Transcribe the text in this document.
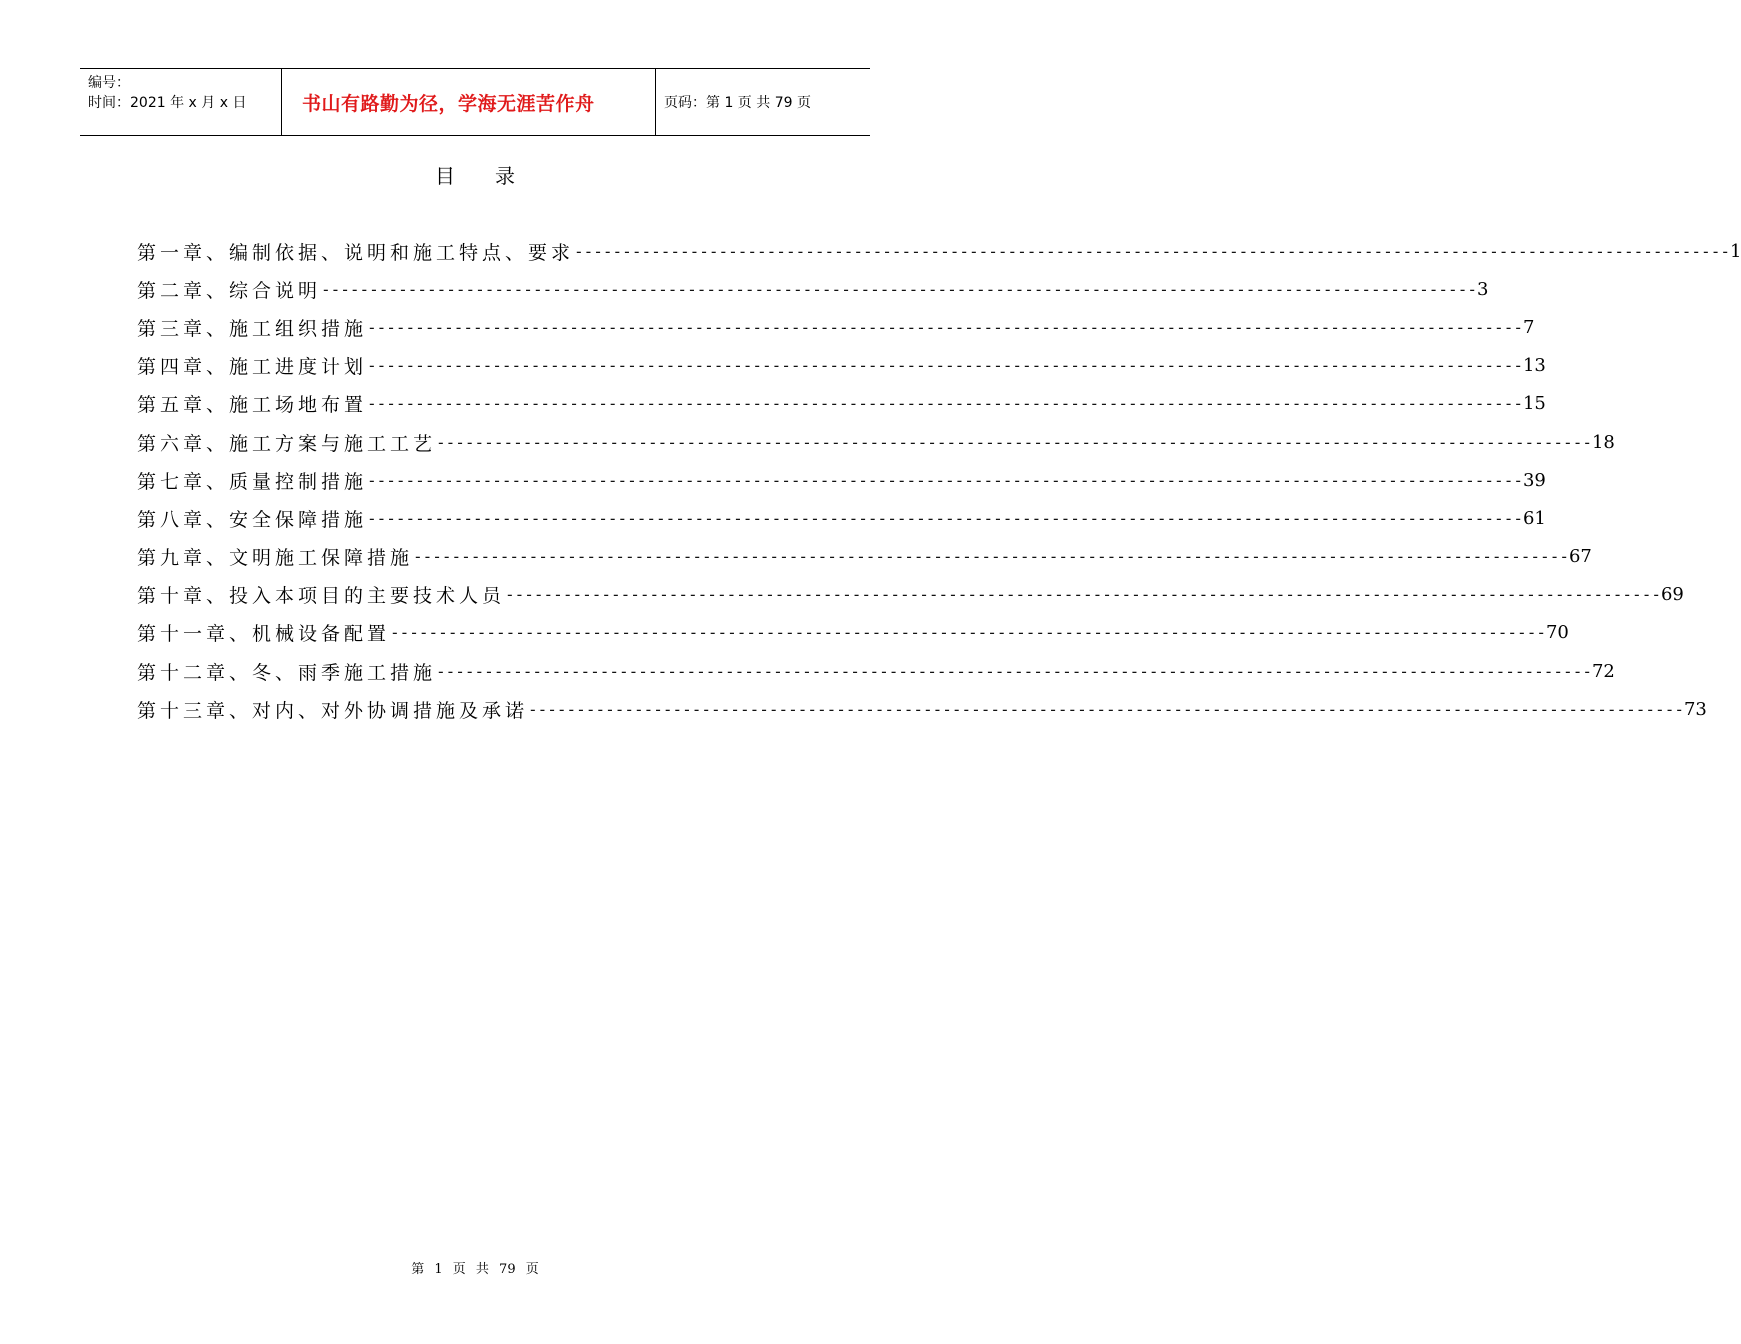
编号：
时间：2021 年 x 月 x 日	书山有路勤为径，学海无涯苦作舟	页码：第 1 页 共 79 页
目录
第一章、编制依据、说明和施工特点、要求 ------------------------------------------------------------------------------------------------------------------------ 1
第二章、综合说明 ------------------------------------------------------------------------------------------------------------------------ 3
第三章、施工组织措施 ------------------------------------------------------------------------------------------------------------------------ 7
第四章、施工进度计划 ------------------------------------------------------------------------------------------------------------------------ 13
第五章、施工场地布置 ------------------------------------------------------------------------------------------------------------------------ 15
第六章、施工方案与施工工艺 ------------------------------------------------------------------------------------------------------------------------ 18
第七章、质量控制措施 ------------------------------------------------------------------------------------------------------------------------ 39
第八章、安全保障措施 ------------------------------------------------------------------------------------------------------------------------ 61
第九章、文明施工保障措施 ------------------------------------------------------------------------------------------------------------------------ 67
第十章、投入本项目的主要技术人员 ------------------------------------------------------------------------------------------------------------------------ 69
第十一章、机械设备配置 ------------------------------------------------------------------------------------------------------------------------ 70
第十二章、冬、雨季施工措施 ------------------------------------------------------------------------------------------------------------------------ 72
第十三章、对内、对外协调措施及承诺 ------------------------------------------------------------------------------------------------------------------------ 73
第 1 页 共 79 页
